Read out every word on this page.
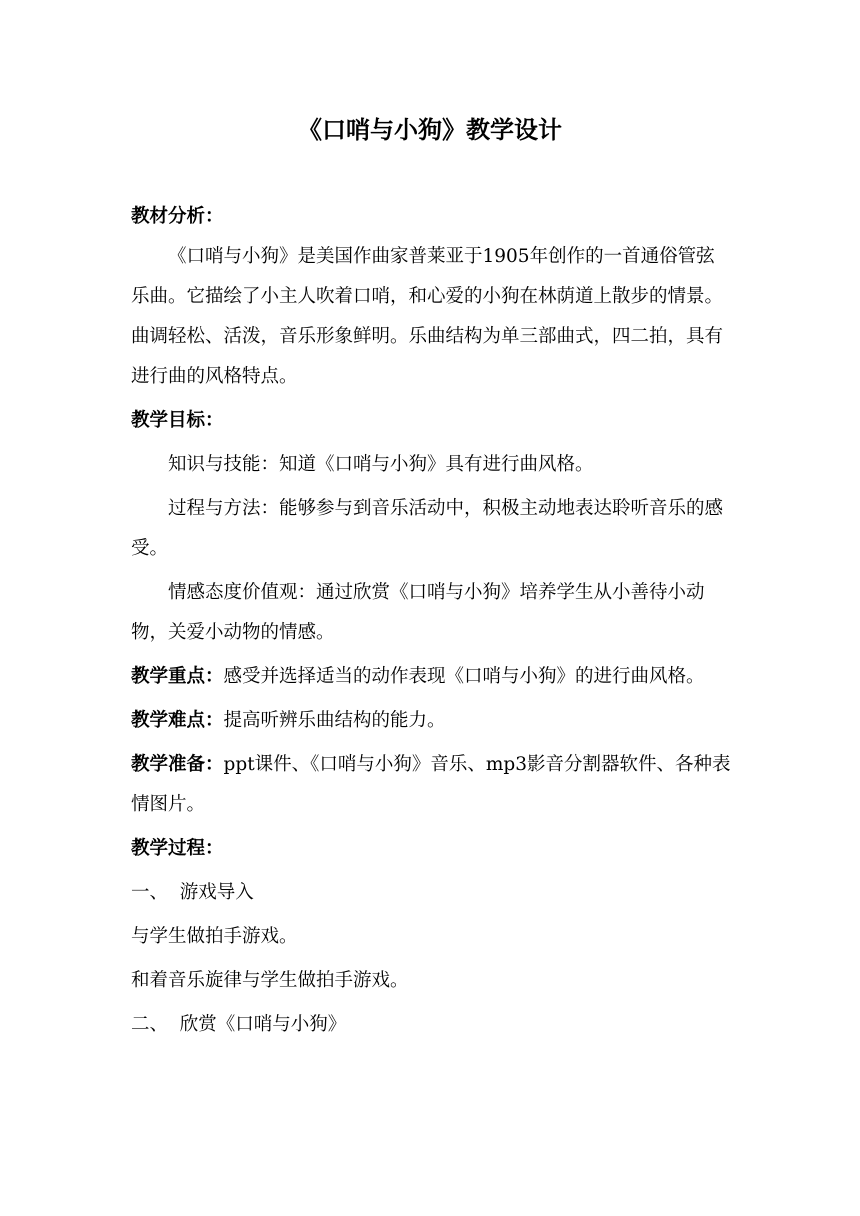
《口哨与小狗》教学设计

教材分析：

《口哨与小狗》是美国作曲家普莱亚于1905年创作的一首通俗管弦乐曲。它描绘了小主人吹着口哨，和心爱的小狗在林荫道上散步的情景。曲调轻松、活泼，音乐形象鲜明。乐曲结构为单三部曲式，四二拍，具有进行曲的风格特点。

教学目标：

知识与技能：知道《口哨与小狗》具有进行曲风格。

过程与方法：能够参与到音乐活动中，积极主动地表达聆听音乐的感受。

情感态度价值观：通过欣赏《口哨与小狗》培养学生从小善待小动物，关爱小动物的情感。

教学重点：感受并选择适当的动作表现《口哨与小狗》的进行曲风格。

教学难点：提高听辨乐曲结构的能力。

教学准备：ppt课件、《口哨与小狗》音乐、mp3影音分割器软件、各种表情图片。

教学过程：

一、  游戏导入

与学生做拍手游戏。

和着音乐旋律与学生做拍手游戏。

二、  欣赏《口哨与小狗》
